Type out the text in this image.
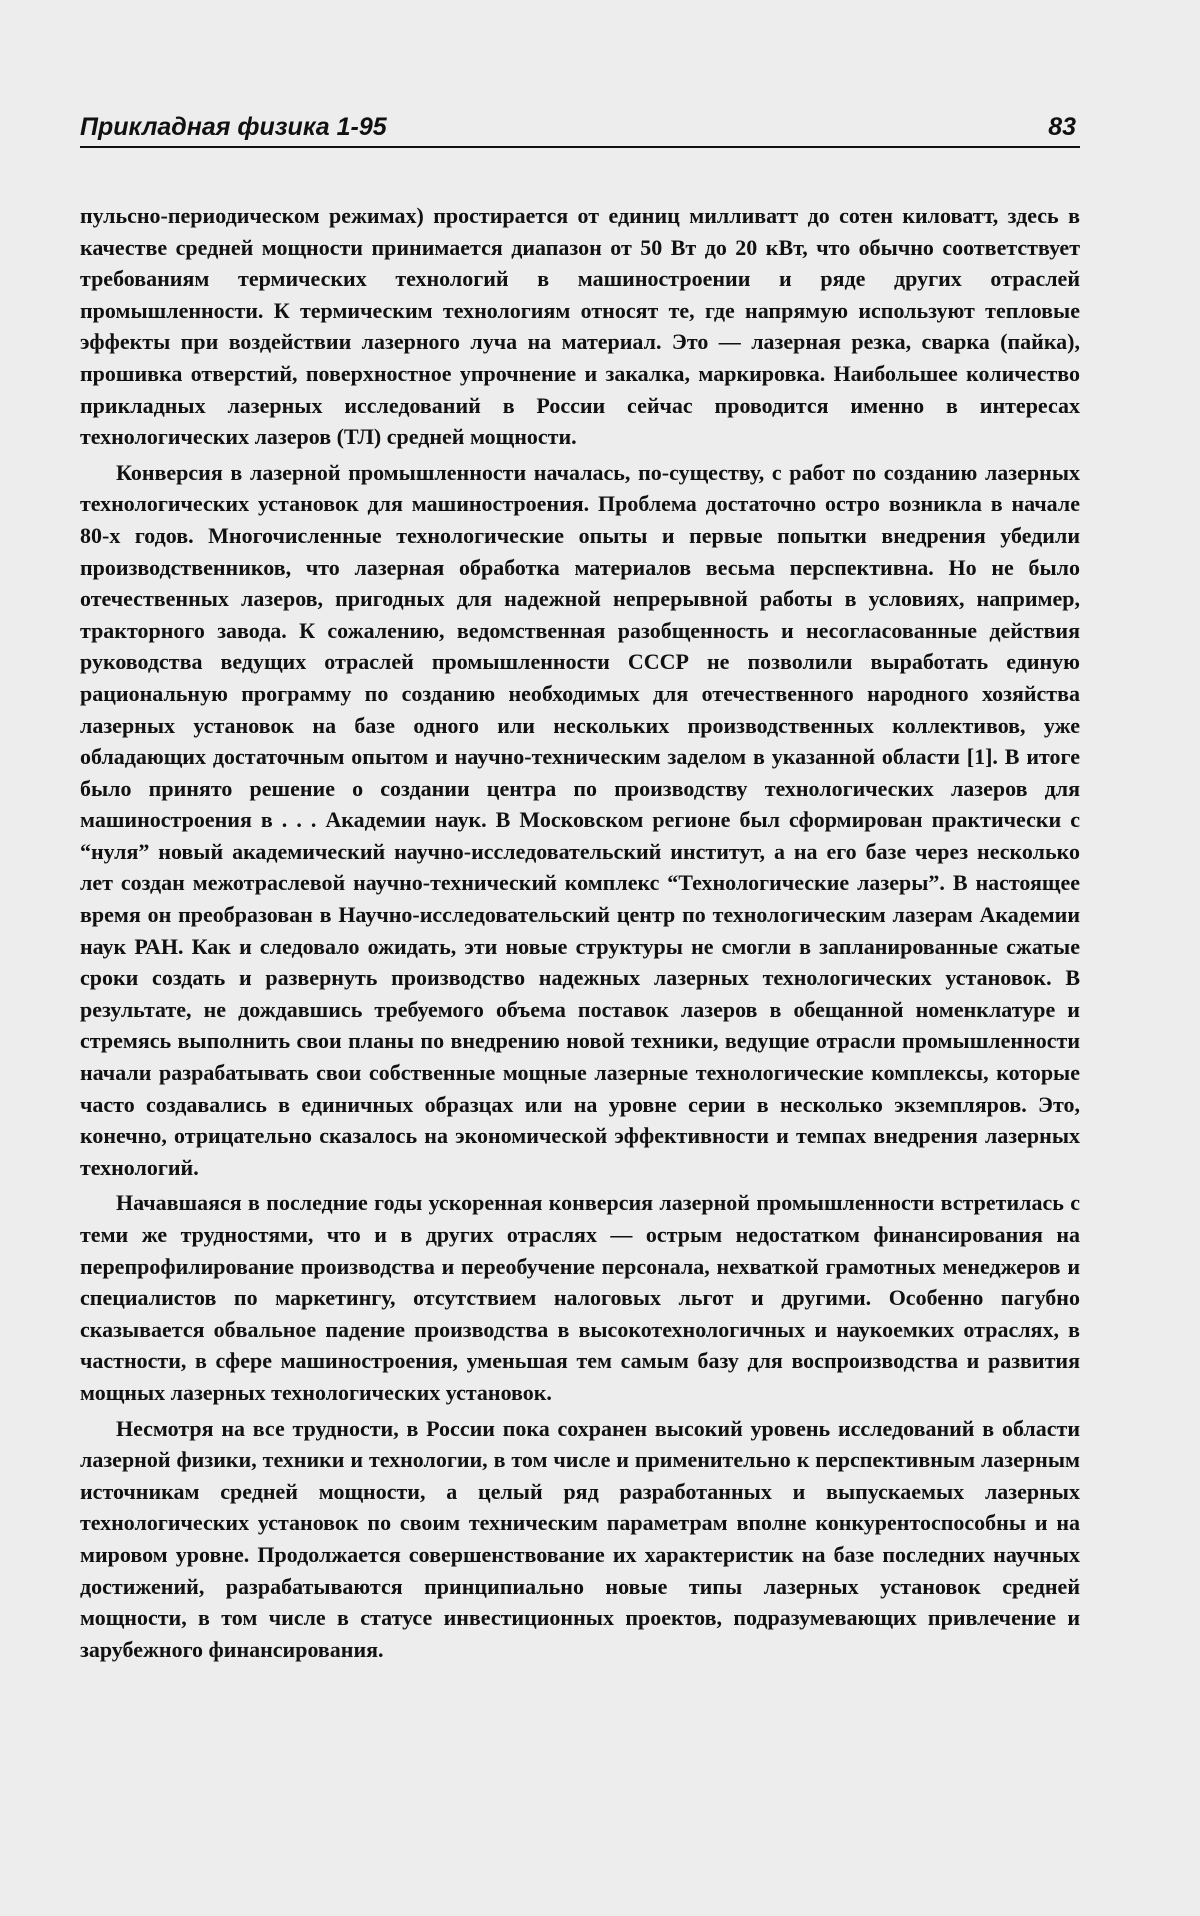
Прикладная физика 1-95	83

пульсно-периодическом режимах) простирается от единиц милливатт до сотен киловатт, здесь в качестве средней мощности принимается диапазон от 50 Вт до 20 кВт, что обычно соответствует требованиям термических технологий в машиностроении и ряде других отраслей промышленности. К термическим технологиям относят те, где напрямую используют тепловые эффекты при воздействии лазерного луча на материал. Это — лазерная резка, сварка (пайка), прошивка отверстий, поверхностное упрочнение и закалка, маркировка. Наибольшее количество прикладных лазерных исследований в России сейчас проводится именно в интересах технологических лазеров (ТЛ) средней мощности.

Конверсия в лазерной промышленности началась, по-существу, с работ по созданию лазерных технологических установок для машиностроения. Проблема достаточно остро возникла в начале 80-х годов. Многочисленные технологические опыты и первые попытки внедрения убедили производственников, что лазерная обработка материалов весьма перспективна. Но не было отечественных лазеров, пригодных для надежной непрерывной работы в условиях, например, тракторного завода. К сожалению, ведомственная разобщенность и несогласованные действия руководства ведущих отраслей промышленности СССР не позволили выработать единую рациональную программу по созданию необходимых для отечественного народного хозяйства лазерных установок на базе одного или нескольких производственных коллективов, уже обладающих достаточным опытом и научно-техническим заделом в указанной области [1]. В итоге было принято решение о создании центра по производству технологических лазеров для машиностроения в . . . Академии наук. В Московском регионе был сформирован практически с “нуля” новый академический научно-исследовательский институт, а на его базе через несколько лет создан межотраслевой научно-технический комплекс “Технологические лазеры”. В настоящее время он преобразован в Научно-исследовательский центр по технологическим лазерам Академии наук РАН. Как и следовало ожидать, эти новые структуры не смогли в запланированные сжатые сроки создать и развернуть производство надежных лазерных технологических установок. В результате, не дождавшись требуемого объема поставок лазеров в обещанной номенклатуре и стремясь выполнить свои планы по внедрению новой техники, ведущие отрасли промышленности начали разрабатывать свои собственные мощные лазерные технологические комплексы, которые часто создавались в единичных образцах или на уровне серии в несколько экземпляров. Это, конечно, отрицательно сказалось на экономической эффективности и темпах внедрения лазерных технологий.

Начавшаяся в последние годы ускоренная конверсия лазерной промышленности встретилась с теми же трудностями, что и в других отраслях — острым недостатком финансирования на перепрофилирование производства и переобучение персонала, нехваткой грамотных менеджеров и специалистов по маркетингу, отсутствием налоговых льгот и другими. Особенно пагубно сказывается обвальное падение производства в высокотехнологичных и наукоемких отраслях, в частности, в сфере машиностроения, уменьшая тем самым базу для воспроизводства и развития мощных лазерных технологических установок.

Несмотря на все трудности, в России пока сохранен высокий уровень исследований в области лазерной физики, техники и технологии, в том числе и применительно к перспективным лазерным источникам средней мощности, а целый ряд разработанных и выпускаемых лазерных технологических установок по своим техническим параметрам вполне конкурентоспособны и на мировом уровне. Продолжается совершенствование их характеристик на базе последних научных достижений, разрабатываются принципиально новые типы лазерных установок средней мощности, в том числе в статусе инвестиционных проектов, подразумевающих привлечение и зарубежного финансирования.
